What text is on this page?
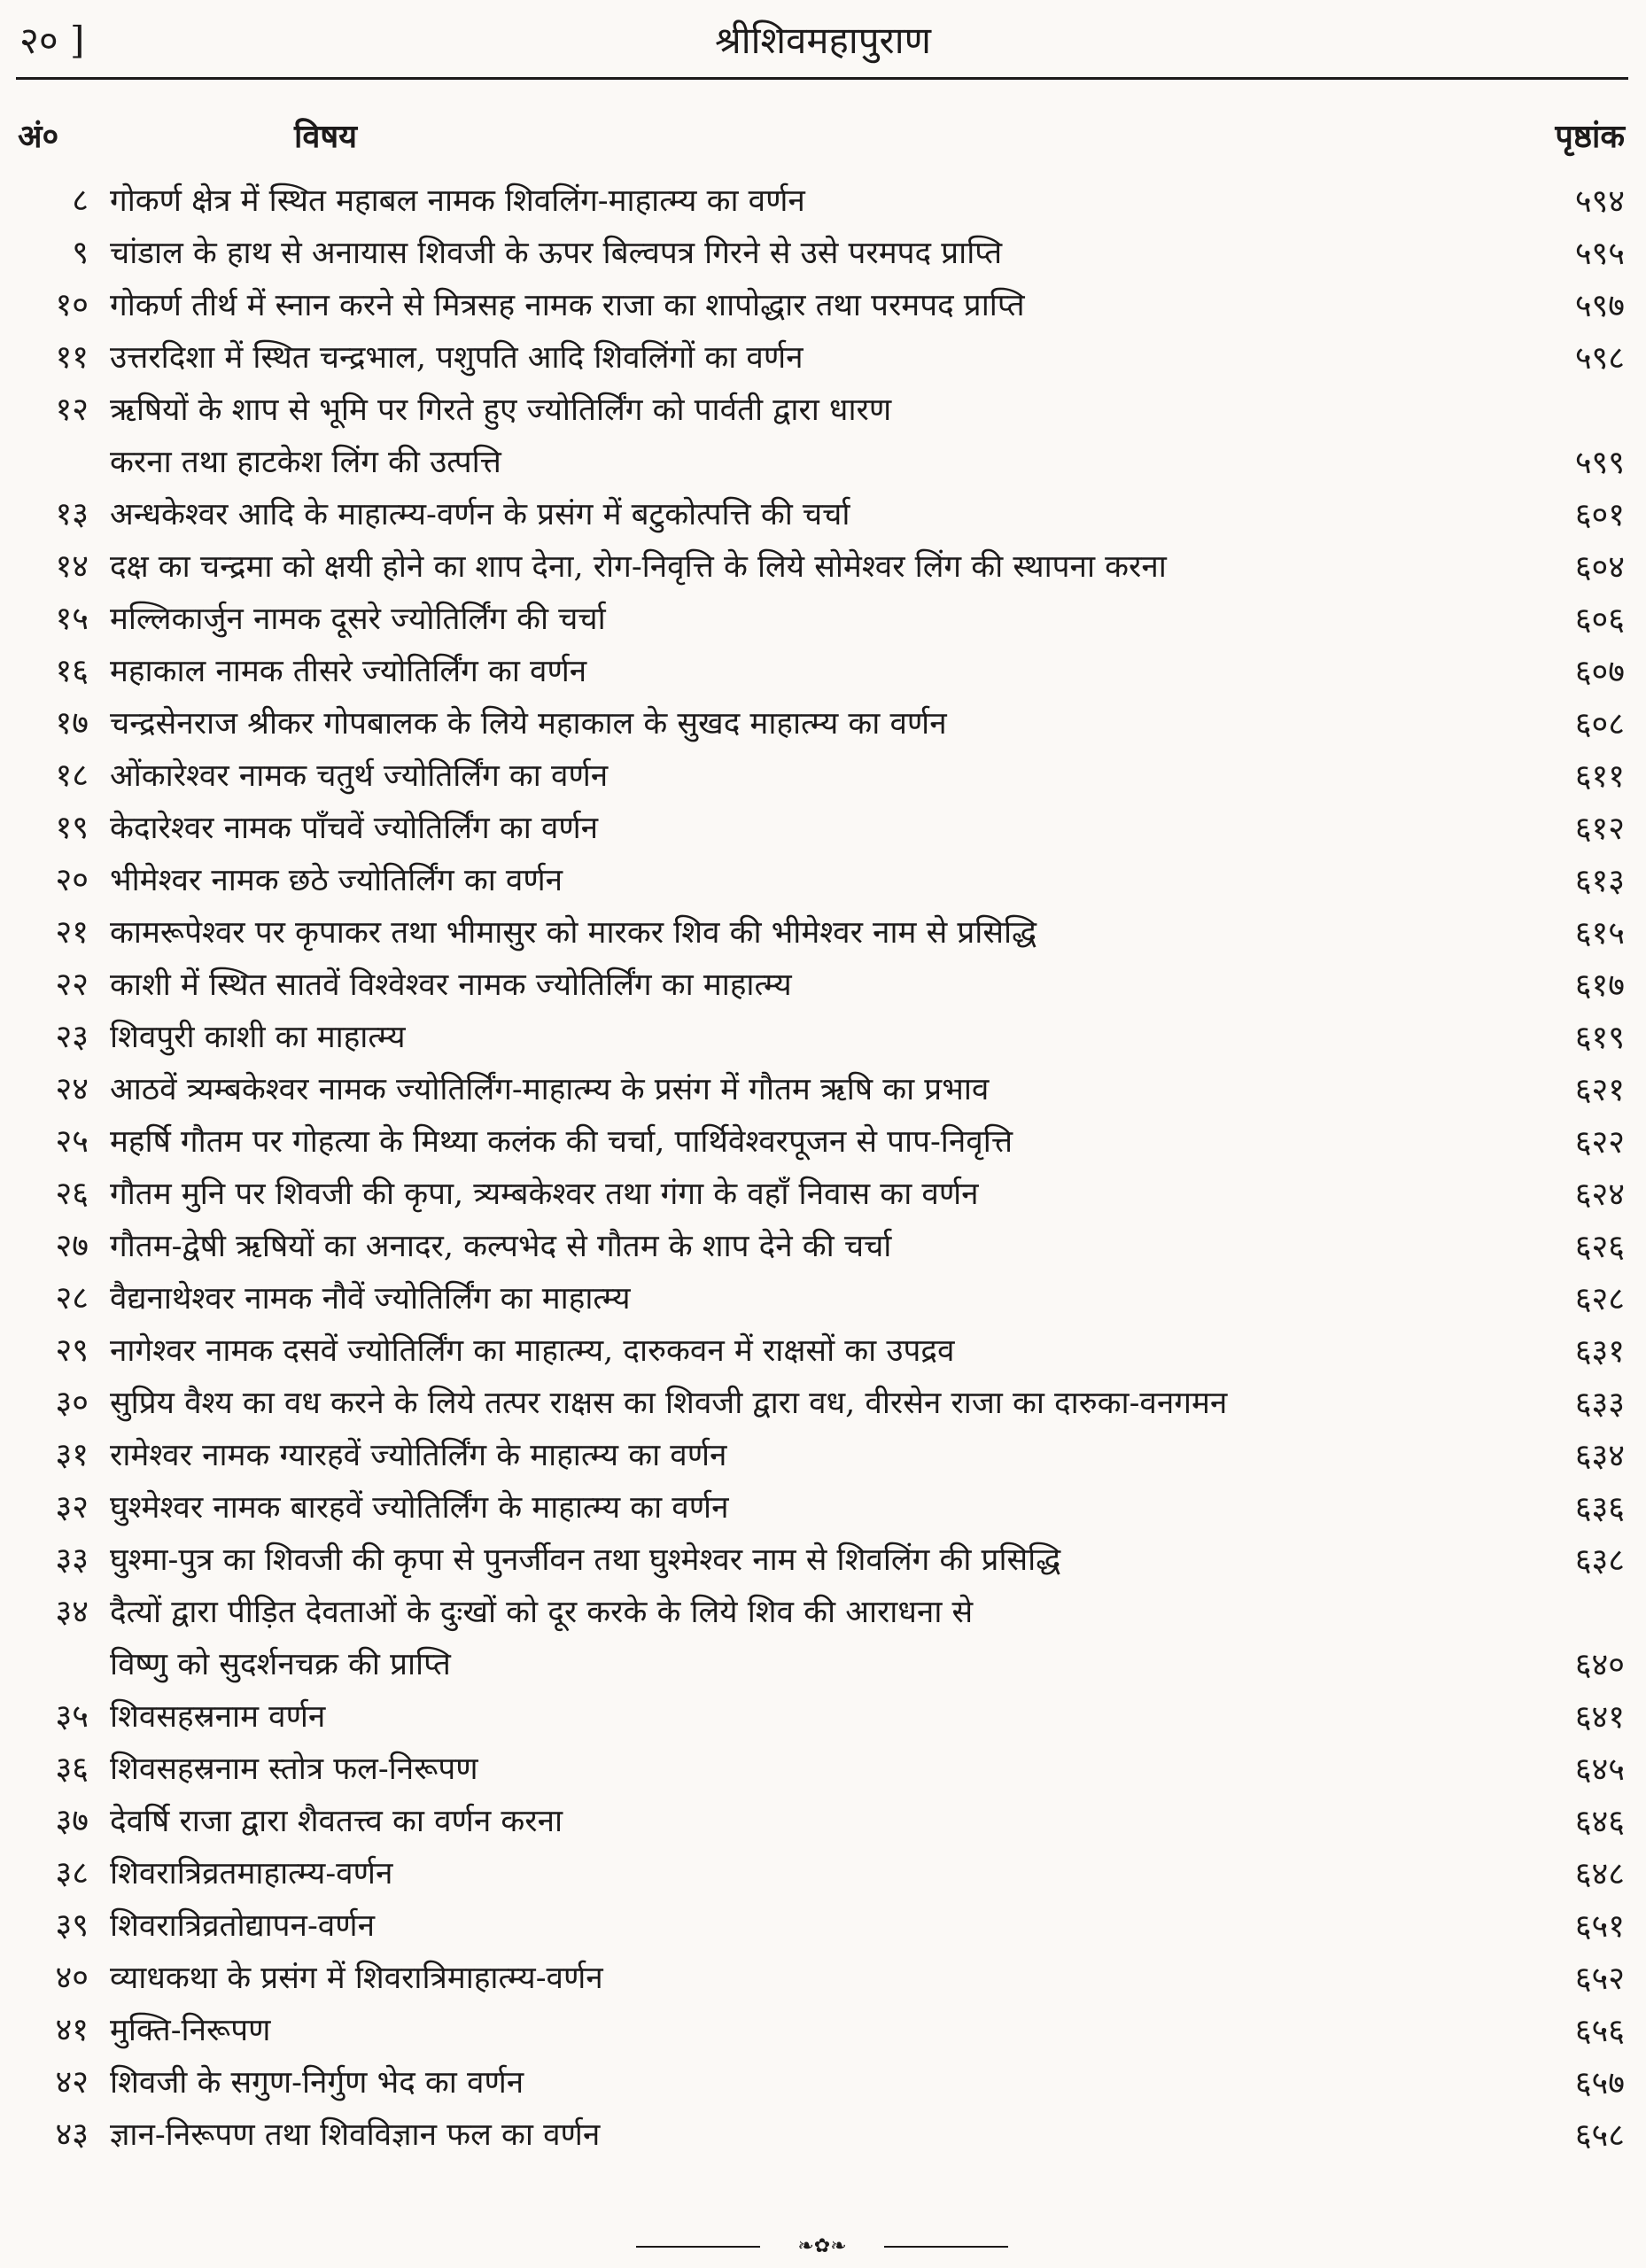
२० ]	श्रीशिवमहापुराण
अं०	विषय	पृष्ठांक
८ गोकर्ण क्षेत्र में स्थित महाबल नामक शिवलिंग-माहात्म्य का वर्णन	५९४
९ चांडाल के हाथ से अनायास शिवजी के ऊपर बिल्वपत्र गिरने से उसे परमपद प्राप्ति	५९५
१० गोकर्ण तीर्थ में स्नान करने से मित्रसह नामक राजा का शापोद्धार तथा परमपद प्राप्ति	५९७
११ उत्तरदिशा में स्थित चन्द्रभाल, पशुपति आदि शिवलिंगों का वर्णन	५९८
१२ ऋषियों के शाप से भूमि पर गिरते हुए ज्योतिर्लिंग को पार्वती द्वारा धारण
करना तथा हाटकेश लिंग की उत्पत्ति	५९९
१३ अन्धकेश्वर आदि के माहात्म्य-वर्णन के प्रसंग में बटुकोत्पत्ति की चर्चा	६०१
१४ दक्ष का चन्द्रमा को क्षयी होने का शाप देना, रोग-निवृत्ति के लिये सोमेश्वर लिंग की स्थापना करना	६०४
१५ मल्लिकार्जुन नामक दूसरे ज्योतिर्लिंग की चर्चा	६०६
१६ महाकाल नामक तीसरे ज्योतिर्लिंग का वर्णन	६०७
१७ चन्द्रसेनराज श्रीकर गोपबालक के लिये महाकाल के सुखद माहात्म्य का वर्णन	६०८
१८ ओंकारेश्वर नामक चतुर्थ ज्योतिर्लिंग का वर्णन	६११
१९ केदारेश्वर नामक पाँचवें ज्योतिर्लिंग का वर्णन	६१२
२० भीमेश्वर नामक छठे ज्योतिर्लिंग का वर्णन	६१३
२१ कामरूपेश्वर पर कृपाकर तथा भीमासुर को मारकर शिव की भीमेश्वर नाम से प्रसिद्धि	६१५
२२ काशी में स्थित सातवें विश्वेश्वर नामक ज्योतिर्लिंग का माहात्म्य	६१७
२३ शिवपुरी काशी का माहात्म्य	६१९
२४ आठवें त्र्यम्बकेश्वर नामक ज्योतिर्लिंग-माहात्म्य के प्रसंग में गौतम ऋषि का प्रभाव	६२१
२५ महर्षि गौतम पर गोहत्या के मिथ्या कलंक की चर्चा, पार्थिवेश्वरपूजन से पाप-निवृत्ति	६२२
२६ गौतम मुनि पर शिवजी की कृपा, त्र्यम्बकेश्वर तथा गंगा के वहाँ निवास का वर्णन	६२४
२७ गौतम-द्वेषी ऋषियों का अनादर, कल्पभेद से गौतम के शाप देने की चर्चा	६२६
२८ वैद्यनाथेश्वर नामक नौवें ज्योतिर्लिंग का माहात्म्य	६२८
२९ नागेश्वर नामक दसवें ज्योतिर्लिंग का माहात्म्य, दारुकवन में राक्षसों का उपद्रव	६३१
३० सुप्रिय वैश्य का वध करने के लिये तत्पर राक्षस का शिवजी द्वारा वध, वीरसेन राजा का दारुका-वनगमन	६३३
३१ रामेश्वर नामक ग्यारहवें ज्योतिर्लिंग के माहात्म्य का वर्णन	६३४
३२ घुश्मेश्वर नामक बारहवें ज्योतिर्लिंग के माहात्म्य का वर्णन	६३६
३३ घुश्मा-पुत्र का शिवजी की कृपा से पुनर्जीवन तथा घुश्मेश्वर नाम से शिवलिंग की प्रसिद्धि	६३८
३४ दैत्यों द्वारा पीड़ित देवताओं के दुःखों को दूर करके के लिये शिव की आराधना से
विष्णु को सुदर्शनचक्र की प्राप्ति	६४०
३५ शिवसहस्रनाम वर्णन	६४१
३६ शिवसहस्रनाम स्तोत्र फल-निरूपण	६४५
३७ देवर्षि राजा द्वारा शैवतत्त्व का वर्णन करना	६४६
३८ शिवरात्रिव्रतमाहात्म्य-वर्णन	६४८
३९ शिवरात्रिव्रतोद्यापन-वर्णन	६५१
४० व्याधकथा के प्रसंग में शिवरात्रिमाहात्म्य-वर्णन	६५२
४१ मुक्ति-निरूपण	६५६
४२ शिवजी के सगुण-निर्गुण भेद का वर्णन	६५७
४३ ज्ञान-निरूपण तथा शिवविज्ञान फल का वर्णन	६५८
❧✿❧
